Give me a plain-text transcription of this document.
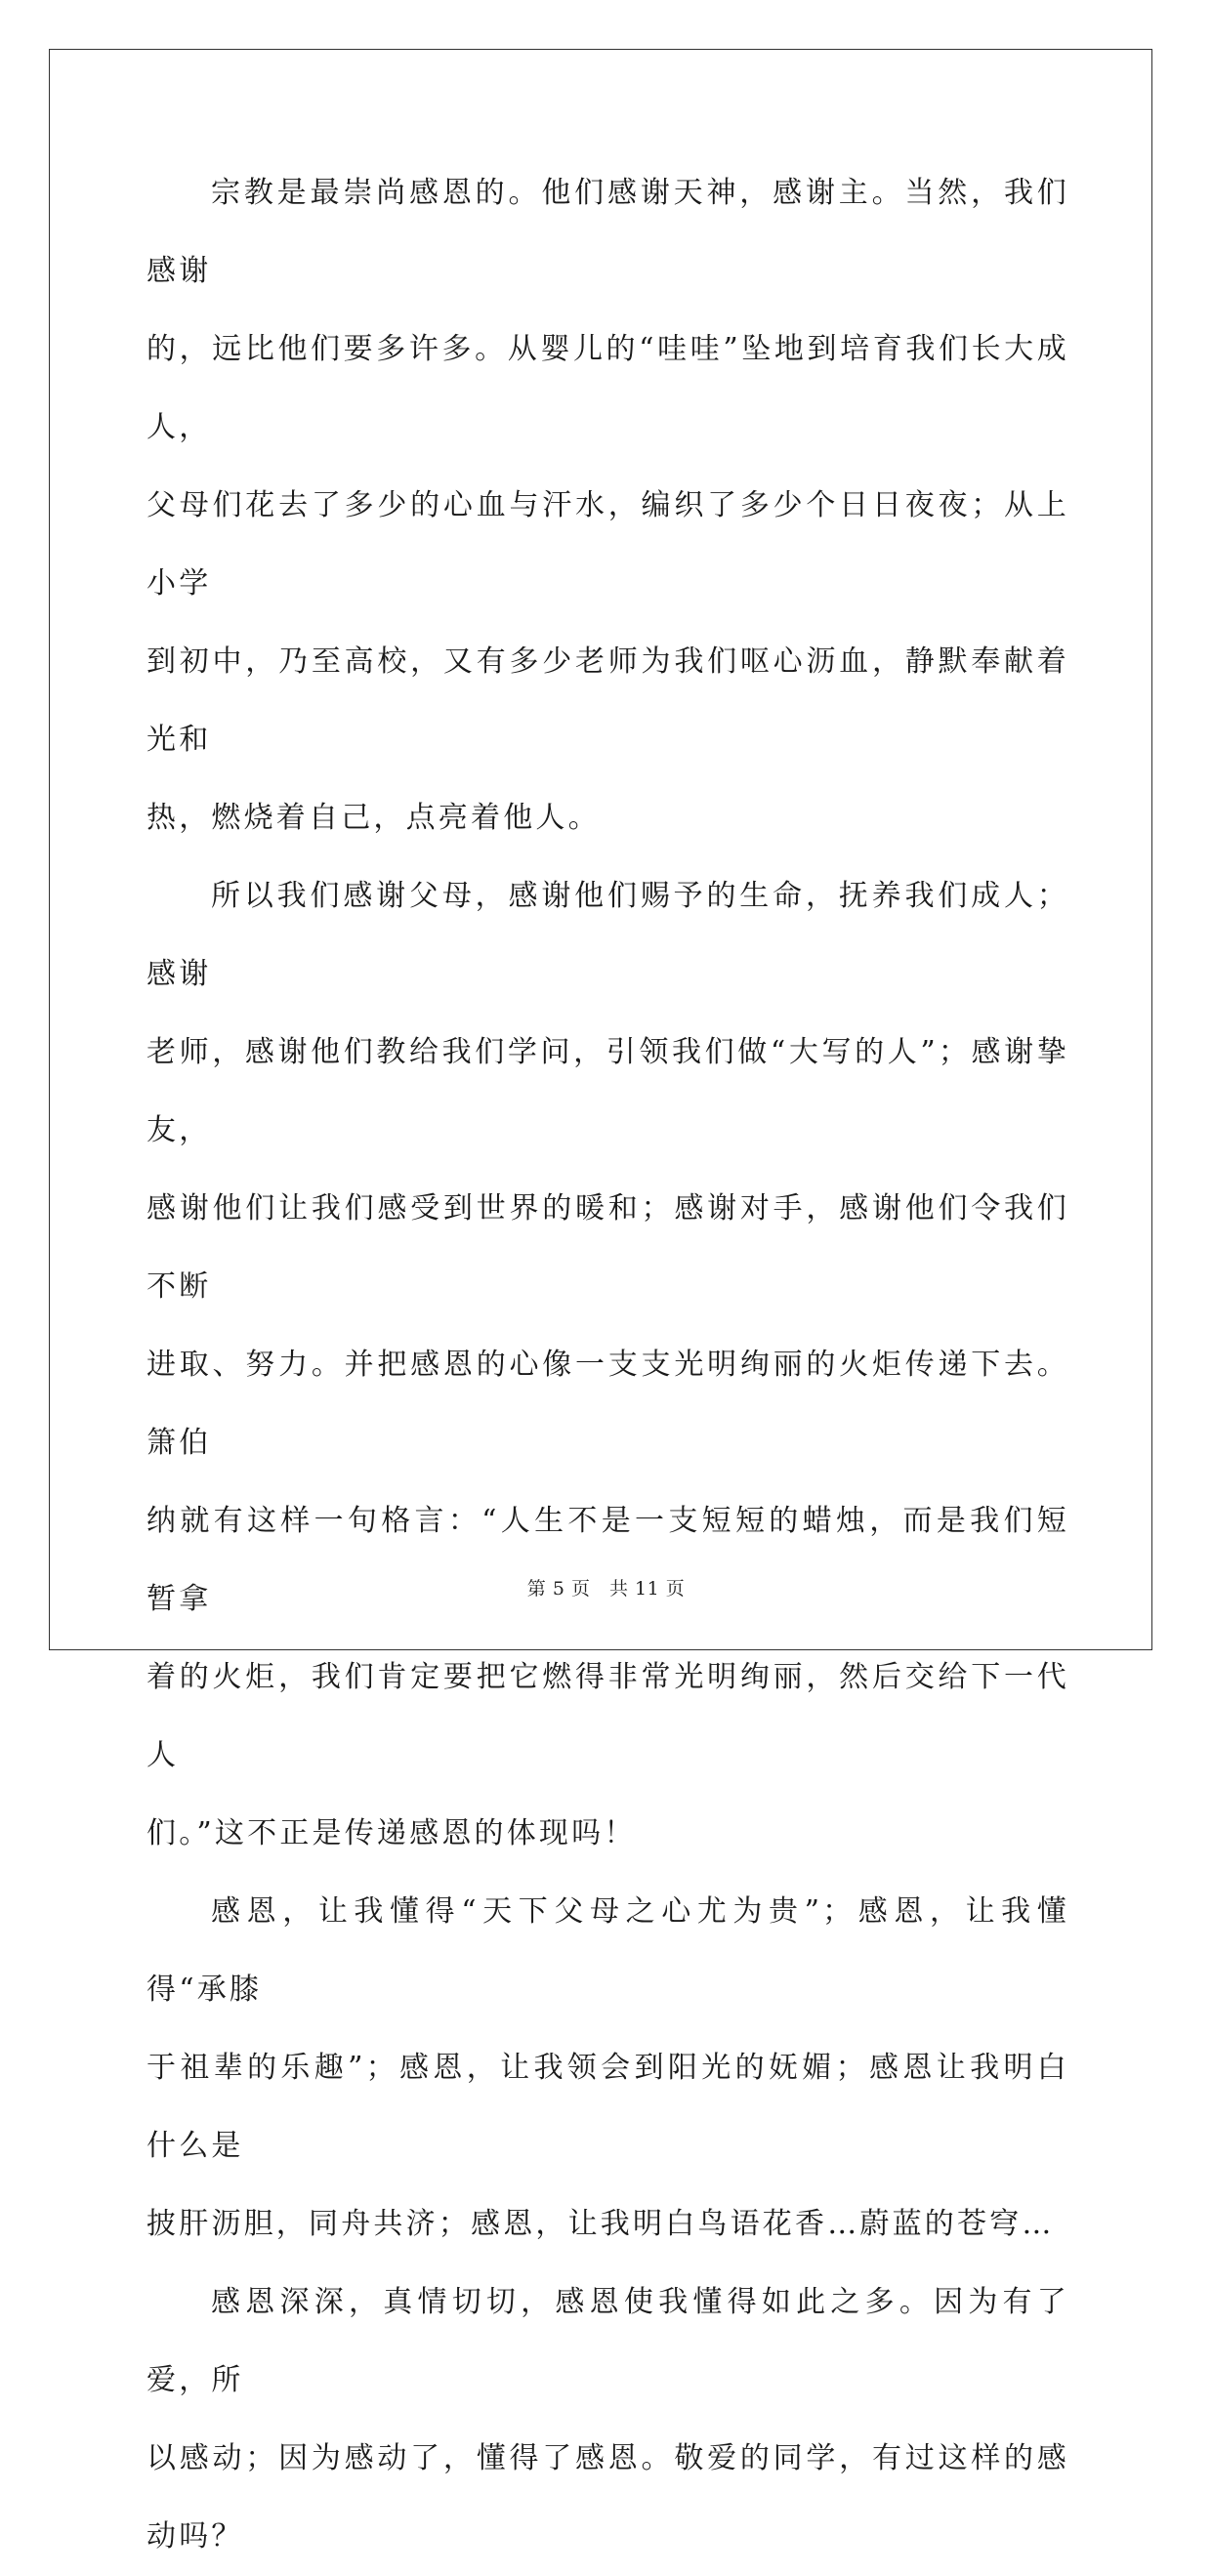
宗教是最崇尚感恩的。他们感谢天神，感谢主。当然，我们感谢
的，远比他们要多许多。从婴儿的“哇哇”坠地到培育我们长大成人，
父母们花去了多少的心血与汗水，编织了多少个日日夜夜；从上小学
到初中，乃至高校，又有多少老师为我们呕心沥血，静默奉献着光和
热，燃烧着自己，点亮着他人。

所以我们感谢父母，感谢他们赐予的生命，抚养我们成人；感谢
老师，感谢他们教给我们学问，引领我们做“大写的人”；感谢挚友，
感谢他们让我们感受到世界的暖和；感谢对手，感谢他们令我们不断
进取、努力。并把感恩的心像一支支光明绚丽的火炬传递下去。箫伯
纳就有这样一句格言：“人生不是一支短短的蜡烛，而是我们短暂拿
着的火炬，我们肯定要把它燃得非常光明绚丽，然后交给下一代人
们。”这不正是传递感恩的体现吗！

感恩，让我懂得“天下父母之心尤为贵”；感恩，让我懂得“承膝
于祖辈的乐趣”；感恩，让我领会到阳光的妩媚；感恩让我明白什么是
披肝沥胆，同舟共济；感恩，让我明白鸟语花香…蔚蓝的苍穹…

感恩深深，真情切切，感恩使我懂得如此之多。因为有了爱，所
以感动；因为感动了，懂得了感恩。敬爱的同学，有过这样的感动吗？

第 5 页　共 11 页
